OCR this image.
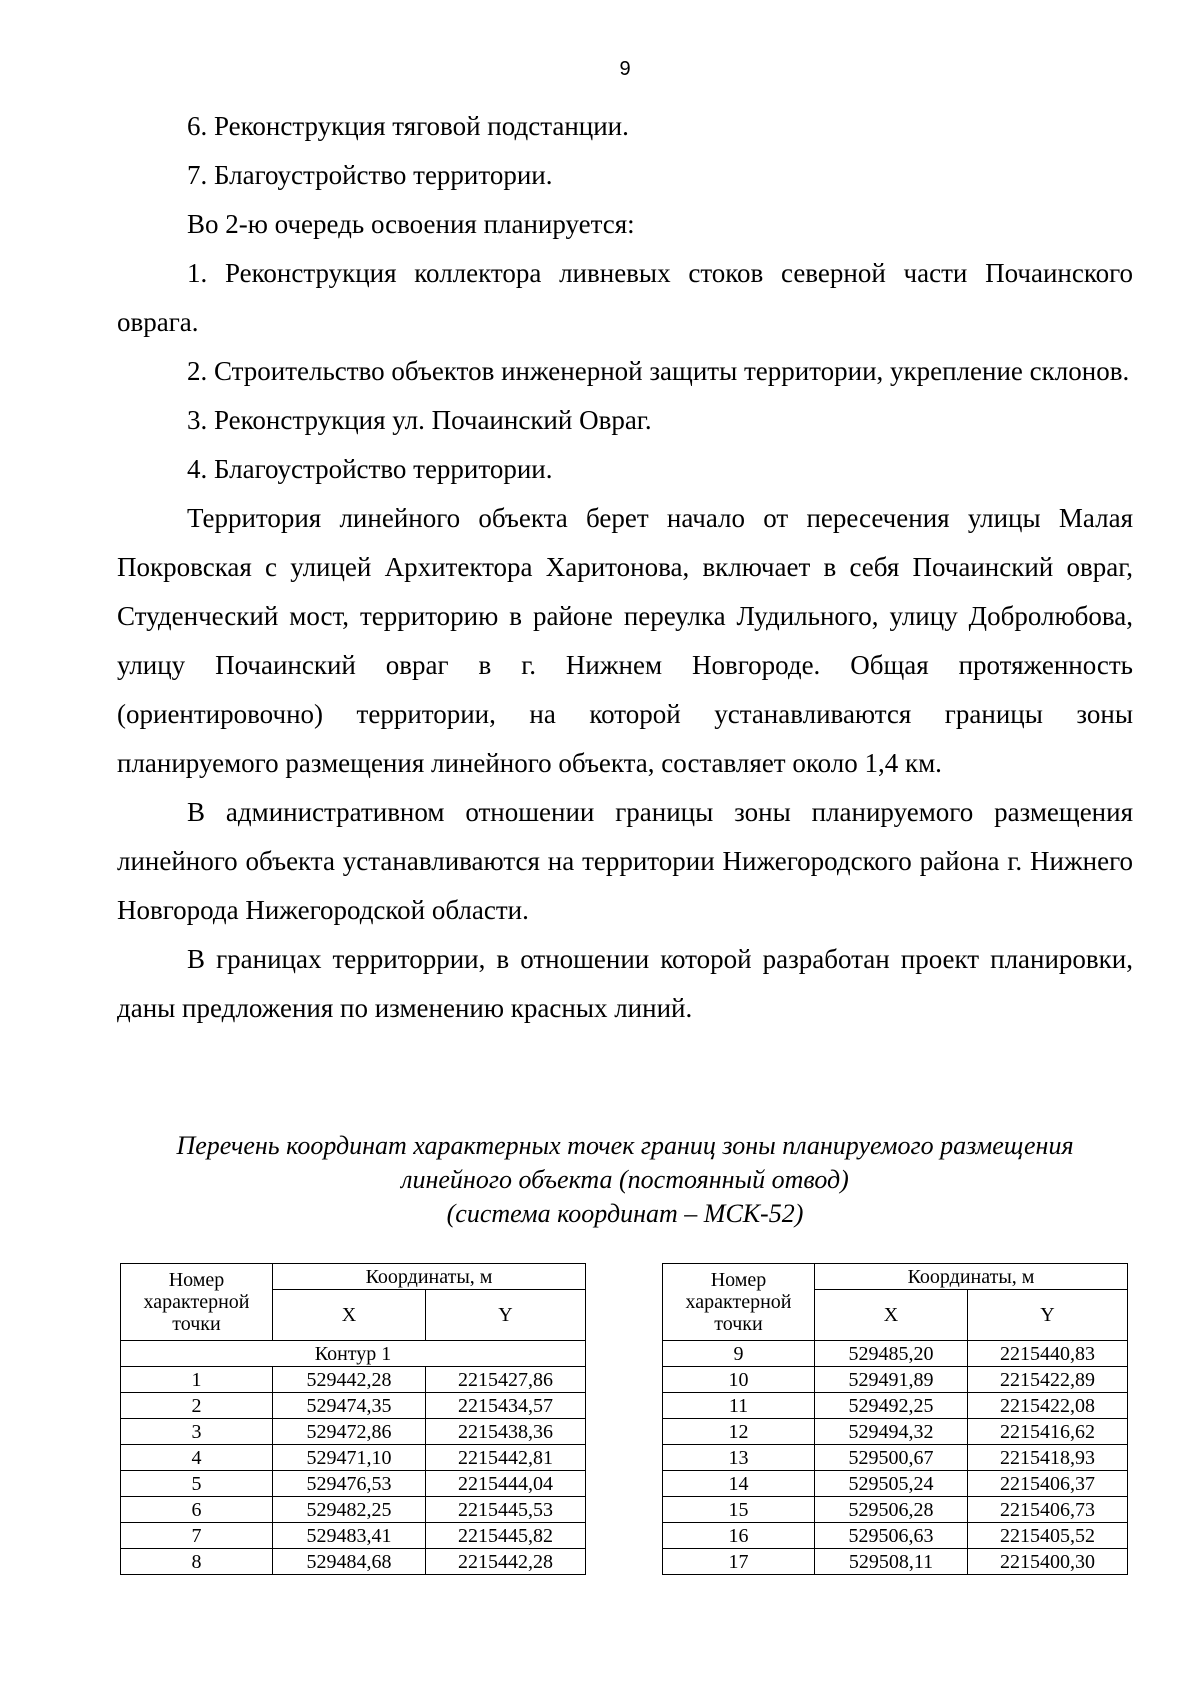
9

6. Реконструкция тяговой подстанции.

7. Благоустройство территории.

Во 2-ю очередь освоения планируется:

1. Реконструкция коллектора ливневых стоков северной части Почаинского оврага.

2. Строительство объектов инженерной защиты территории, укрепление склонов.

3. Реконструкция ул. Почаинский Овраг.

4. Благоустройство территории.

Территория линейного объекта берет начало от пересечения улицы Малая Покровская с улицей Архитектора Харитонова, включает в себя Почаинский овраг, Студенческий мост, территорию в районе переулка Лудильного, улицу Добролюбова, улицу Почаинский овраг в г. Нижнем Новгороде. Общая протяженность (ориентировочно) территории, на которой устанавливаются границы зоны планируемого размещения линейного объекта, составляет около 1,4 км.

В административном отношении границы зоны планируемого размещения линейного объекта устанавливаются на территории Нижегородского района г. Нижнего Новгорода Нижегородской области.

В границах территоррии, в отношении которой разработан проект планировки, даны предложения по изменению красных линий.

Перечень координат характерных точек границ зоны планируемого размещения
линейного объекта (постоянный отвод)
(система координат – МСК-52)
Номер характерной точки	Координаты, м	
	X	Y
Контур 1		
1	529442,28	2215427,86
2	529474,35	2215434,57
3	529472,86	2215438,36
4	529471,10	2215442,81
5	529476,53	2215444,04
6	529482,25	2215445,53
7	529483,41	2215445,82
8	529484,68	2215442,28
Номер характерной точки	Координаты, м	
	X	Y
9	529485,20	2215440,83
10	529491,89	2215422,89
11	529492,25	2215422,08
12	529494,32	2215416,62
13	529500,67	2215418,93
14	529505,24	2215406,37
15	529506,28	2215406,73
16	529506,63	2215405,52
17	529508,11	2215400,30
